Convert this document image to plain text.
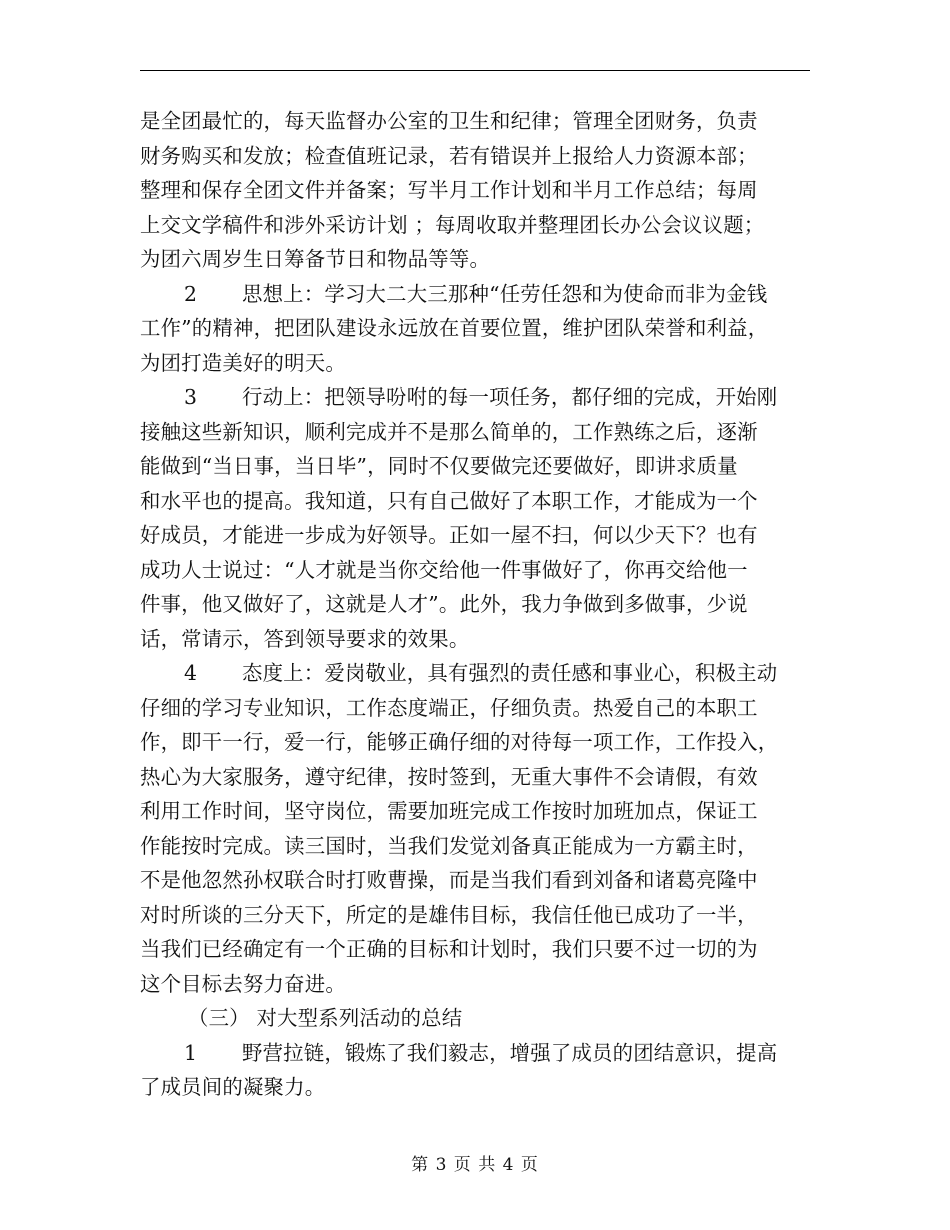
是全团最忙的，每天监督办公室的卫生和纪律；管理全团财务，负责
财务购买和发放；检查值班记录，若有错误并上报给人力资源本部；
整理和保存全团文件并备案；写半月工作计划和半月工作总结；每周
上交文学稿件和涉外采访计划 ；每周收取并整理团长办公会议议题；
为团六周岁生日筹备节日和物品等等。
2 思想上：学习大二大三那种“任劳任怨和为使命而非为金钱
工作”的精神，把团队建设永远放在首要位置，维护团队荣誉和利益，
为团打造美好的明天。
3 行动上：把领导吩咐的每一项任务，都仔细的完成，开始刚
接触这些新知识，顺利完成并不是那么简单的，工作熟练之后，逐渐
能做到“当日事，当日毕”，同时不仅要做完还要做好，即讲求质量
和水平也的提高。我知道，只有自己做好了本职工作，才能成为一个
好成员，才能进一步成为好领导。正如一屋不扫，何以少天下？也有
成功人士说过：“人才就是当你交给他一件事做好了，你再交给他一
件事，他又做好了，这就是人才”。此外，我力争做到多做事，少说
话，常请示，答到领导要求的效果。
4 态度上：爱岗敬业，具有强烈的责任感和事业心，积极主动
仔细的学习专业知识，工作态度端正，仔细负责。热爱自己的本职工
作，即干一行，爱一行，能够正确仔细的对待每一项工作，工作投入，
热心为大家服务，遵守纪律，按时签到，无重大事件不会请假，有效
利用工作时间，坚守岗位，需要加班完成工作按时加班加点，保证工
作能按时完成。读三国时，当我们发觉刘备真正能成为一方霸主时，
不是他忽然孙权联合时打败曹操，而是当我们看到刘备和诸葛亮隆中
对时所谈的三分天下，所定的是雄伟目标，我信任他已成功了一半，
当我们已经确定有一个正确的目标和计划时，我们只要不过一切的为
这个目标去努力奋进。
（三） 对大型系列活动的总结
1 野营拉链，锻炼了我们毅志，增强了成员的团结意识，提高
了成员间的凝聚力。
第 3 页 共 4 页
